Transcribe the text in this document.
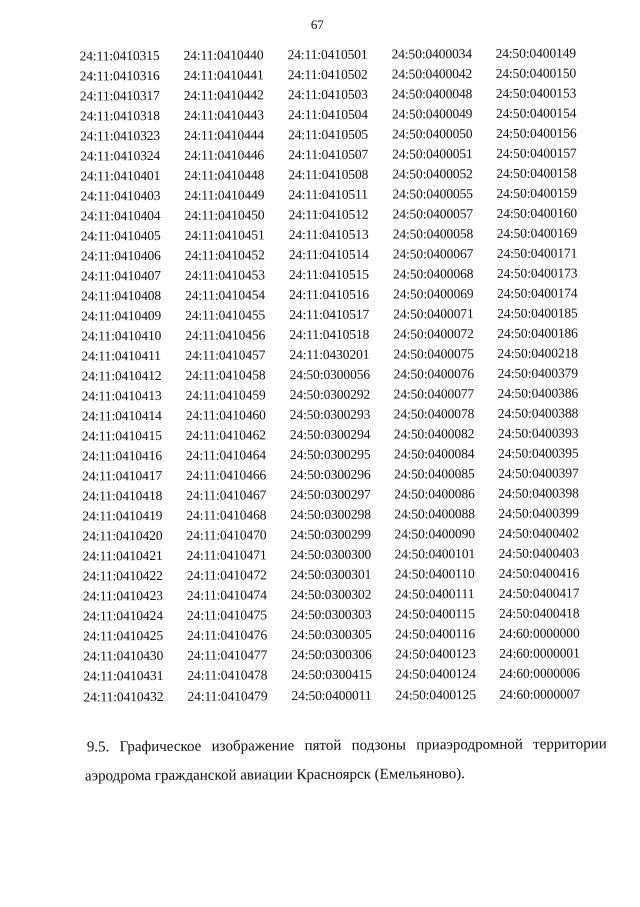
67
24:11:0410315	24:11:0410440	24:11:0410501	24:50:0400034	24:50:0400149
24:11:0410316	24:11:0410441	24:11:0410502	24:50:0400042	24:50:0400150
24:11:0410317	24:11:0410442	24:11:0410503	24:50:0400048	24:50:0400153
24:11:0410318	24:11:0410443	24:11:0410504	24:50:0400049	24:50:0400154
24:11:0410323	24:11:0410444	24:11:0410505	24:50:0400050	24:50:0400156
24:11:0410324	24:11:0410446	24:11:0410507	24:50:0400051	24:50:0400157
24:11:0410401	24:11:0410448	24:11:0410508	24:50:0400052	24:50:0400158
24:11:0410403	24:11:0410449	24:11:0410511	24:50:0400055	24:50:0400159
24:11:0410404	24:11:0410450	24:11:0410512	24:50:0400057	24:50:0400160
24:11:0410405	24:11:0410451	24:11:0410513	24:50:0400058	24:50:0400169
24:11:0410406	24:11:0410452	24:11:0410514	24:50:0400067	24:50:0400171
24:11:0410407	24:11:0410453	24:11:0410515	24:50:0400068	24:50:0400173
24:11:0410408	24:11:0410454	24:11:0410516	24:50:0400069	24:50:0400174
24:11:0410409	24:11:0410455	24:11:0410517	24:50:0400071	24:50:0400185
24:11:0410410	24:11:0410456	24:11:0410518	24:50:0400072	24:50:0400186
24:11:0410411	24:11:0410457	24:11:0430201	24:50:0400075	24:50:0400218
24:11:0410412	24:11:0410458	24:50:0300056	24:50:0400076	24:50:0400379
24:11:0410413	24:11:0410459	24:50:0300292	24:50:0400077	24:50:0400386
24:11:0410414	24:11:0410460	24:50:0300293	24:50:0400078	24:50:0400388
24:11:0410415	24:11:0410462	24:50:0300294	24:50:0400082	24:50:0400393
24:11:0410416	24:11:0410464	24:50:0300295	24:50:0400084	24:50:0400395
24:11:0410417	24:11:0410466	24:50:0300296	24:50:0400085	24:50:0400397
24:11:0410418	24:11:0410467	24:50:0300297	24:50:0400086	24:50:0400398
24:11:0410419	24:11:0410468	24:50:0300298	24:50:0400088	24:50:0400399
24:11:0410420	24:11:0410470	24:50:0300299	24:50:0400090	24:50:0400402
24:11:0410421	24:11:0410471	24:50:0300300	24:50:0400101	24:50:0400403
24:11:0410422	24:11:0410472	24:50:0300301	24:50:0400110	24:50:0400416
24:11:0410423	24:11:0410474	24:50:0300302	24:50:0400111	24:50:0400417
24:11:0410424	24:11:0410475	24:50:0300303	24:50:0400115	24:50:0400418
24:11:0410425	24:11:0410476	24:50:0300305	24:50:0400116	24:60:0000000
24:11:0410430	24:11:0410477	24:50:0300306	24:50:0400123	24:60:0000001
24:11:0410431	24:11:0410478	24:50:0300415	24:50:0400124	24:60:0000006
24:11:0410432	24:11:0410479	24:50:0400011	24:50:0400125	24:60:0000007
9.5. Графическое изображение пятой подзоны приаэродромной территории
аэродрома гражданской авиации Красноярск (Емельяново).
